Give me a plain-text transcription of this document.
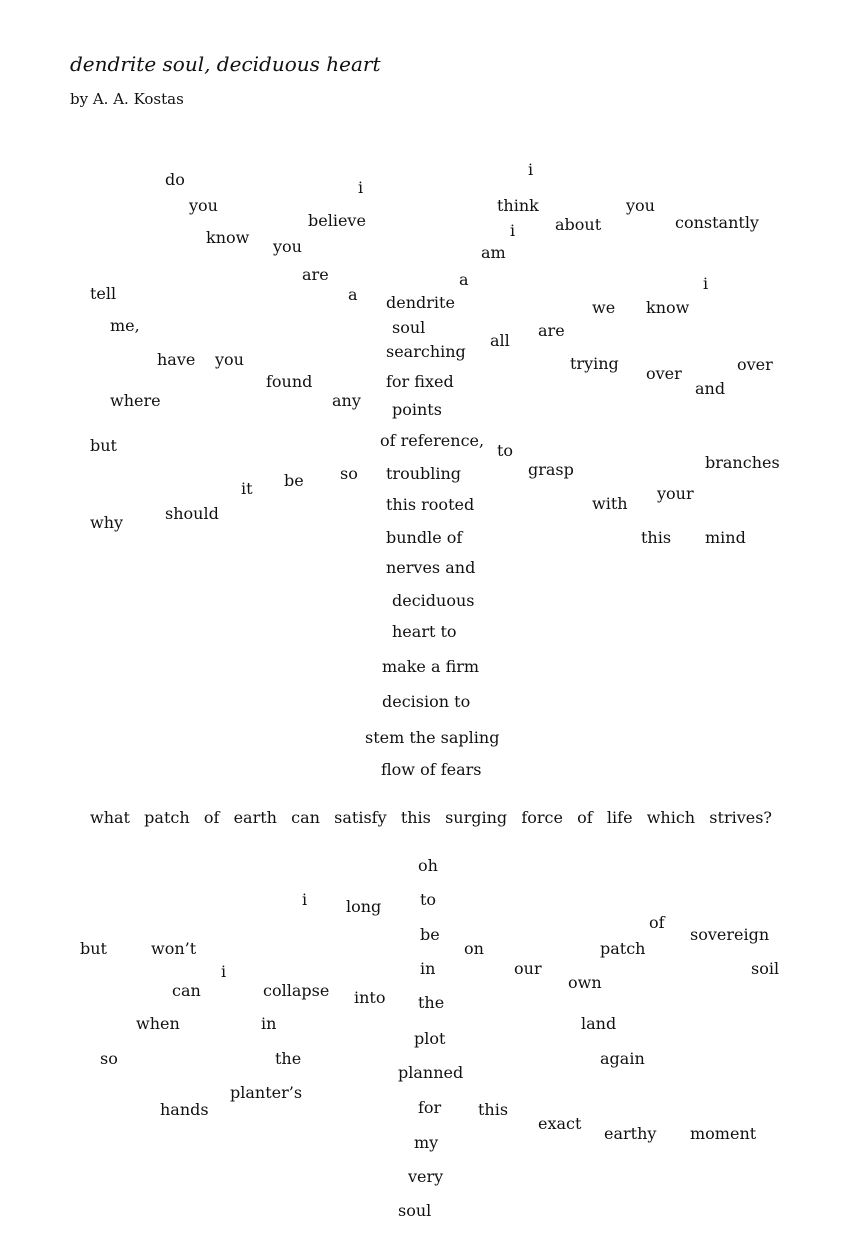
dendrite soul, deciduous heart
by A. A. Kostas
do
you
know
i
believe
you
are
a
tell
me,
have you
found
where	any
but
it be so
why	should
i
think
i
am
about
you
constantly
a
dendrite
soul
searching
for fixed
points
all
are
we know
i
trying
over
and
over
of reference,
to
grasp	branches
troubling
this rooted	with
your
bundle of	this mind
nerves and
deciduous
heart to
make a firm
decision to
stem the sapling
flow of fears
what patch of earth can satisfy this surging force of life which strives?
oh
i long to
be
on
of
sovereign
but	won’t	patch
i	in	our	soil
can	collapse into
own
the
when	in	land
plot
so	the	again
planned
planter’s
for this
hands
exact
earthy moment
my
very
soul
